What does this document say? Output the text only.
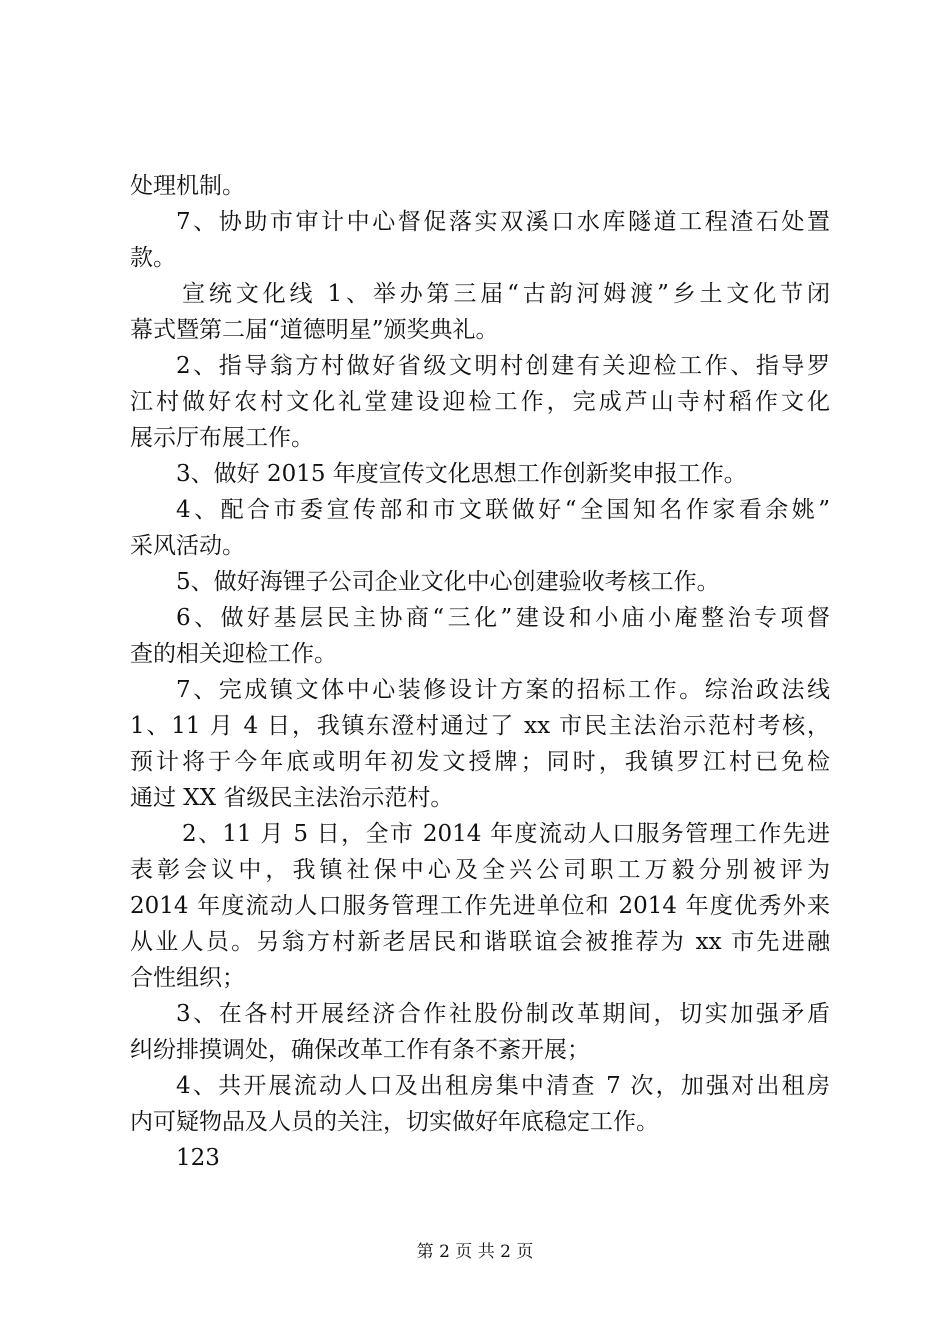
处理机制。
7、协助市审计中心督促落实双溪口水库隧道工程渣石处置
款。
宣统文化线 1、举办第三届“古韵河姆渡”乡土文化节闭
幕式暨第二届“道德明星”颁奖典礼。
2、指导翁方村做好省级文明村创建有关迎检工作、指导罗
江村做好农村文化礼堂建设迎检工作，完成芦山寺村稻作文化
展示厅布展工作。
3、做好 2015 年度宣传文化思想工作创新奖申报工作。
4、配合市委宣传部和市文联做好“全国知名作家看余姚”
采风活动。
5、做好海锂子公司企业文化中心创建验收考核工作。
6、做好基层民主协商“三化”建设和小庙小庵整治专项督
查的相关迎检工作。
7、完成镇文体中心装修设计方案的招标工作。综治政法线
1、11 月 4 日，我镇东澄村通过了 xx 市民主法治示范村考核，
预计将于今年底或明年初发文授牌；同时，我镇罗江村已免检
通过 XX 省级民主法治示范村。
2、11 月 5 日，全市 2014 年度流动人口服务管理工作先进
表彰会议中，我镇社保中心及全兴公司职工万毅分别被评为
2014 年度流动人口服务管理工作先进单位和 2014 年度优秀外来
从业人员。另翁方村新老居民和谐联谊会被推荐为 xx 市先进融
合性组织；
3、在各村开展经济合作社股份制改革期间，切实加强矛盾
纠纷排摸调处，确保改革工作有条不紊开展；
4、共开展流动人口及出租房集中清查 7 次，加强对出租房
内可疑物品及人员的关注，切实做好年底稳定工作。
123
第 2 页 共 2 页
